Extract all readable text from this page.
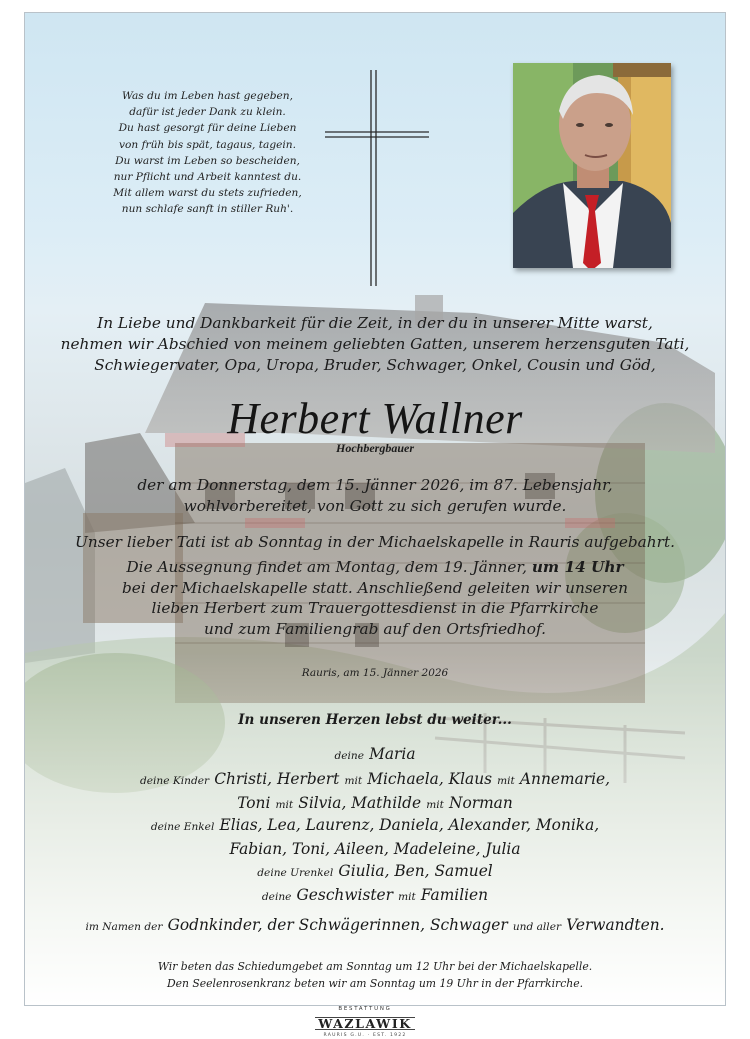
Was du im Leben hast gegeben,
dafür ist jeder Dank zu klein.
Du hast gesorgt für deine Lieben
von früh bis spät, tagaus, tagein.
Du warst im Leben so bescheiden,
nur Pflicht und Arbeit kanntest du.
Mit allem warst du stets zufrieden,
nun schlafe sanft in stiller Ruh'.
In Liebe und Dankbarkeit für die Zeit, in der du in unserer Mitte warst,
nehmen wir Abschied von meinem geliebten Gatten, unserem herzensguten Tati,
Schwiegervater, Opa, Uropa, Bruder, Schwager, Onkel, Cousin und Göd,
Herbert Wallner
Hochbergbauer
der am Donnerstag, dem 15. Jänner 2026, im 87. Lebensjahr,
wohlvorbereitet, von Gott zu sich gerufen wurde.
Unser lieber Tati ist ab Sonntag in der Michaelskapelle in Rauris aufgebahrt.
Die Aussegnung findet am Montag, dem 19. Jänner, um 14 Uhr
bei der Michaelskapelle statt. Anschließend geleiten wir unseren
lieben Herbert zum Trauergottesdienst in die Pfarrkirche
und zum Familiengrab auf den Ortsfriedhof.
Rauris, am 15. Jänner 2026
In unseren Herzen lebst du weiter...
deine Maria
deine Kinder Christi, Herbert mit Michaela, Klaus mit Annemarie,
Toni mit Silvia, Mathilde mit Norman
deine Enkel Elias, Lea, Laurenz, Daniela, Alexander, Monika,
Fabian, Toni, Aileen, Madeleine, Julia
deine Urenkel Giulia, Ben, Samuel
deine Geschwister mit Familien
im Namen der Godnkinder, der Schwägerinnen, Schwager und aller Verwandten.
Wir beten das Schiedumgebet am Sonntag um 12 Uhr bei der Michaelskapelle.
Den Seelenrosenkranz beten wir am Sonntag um 19 Uhr in der Pfarrkirche.
BESTATTUNG
WAZLAWIK
RAURIS G.U. · EST. 1922
